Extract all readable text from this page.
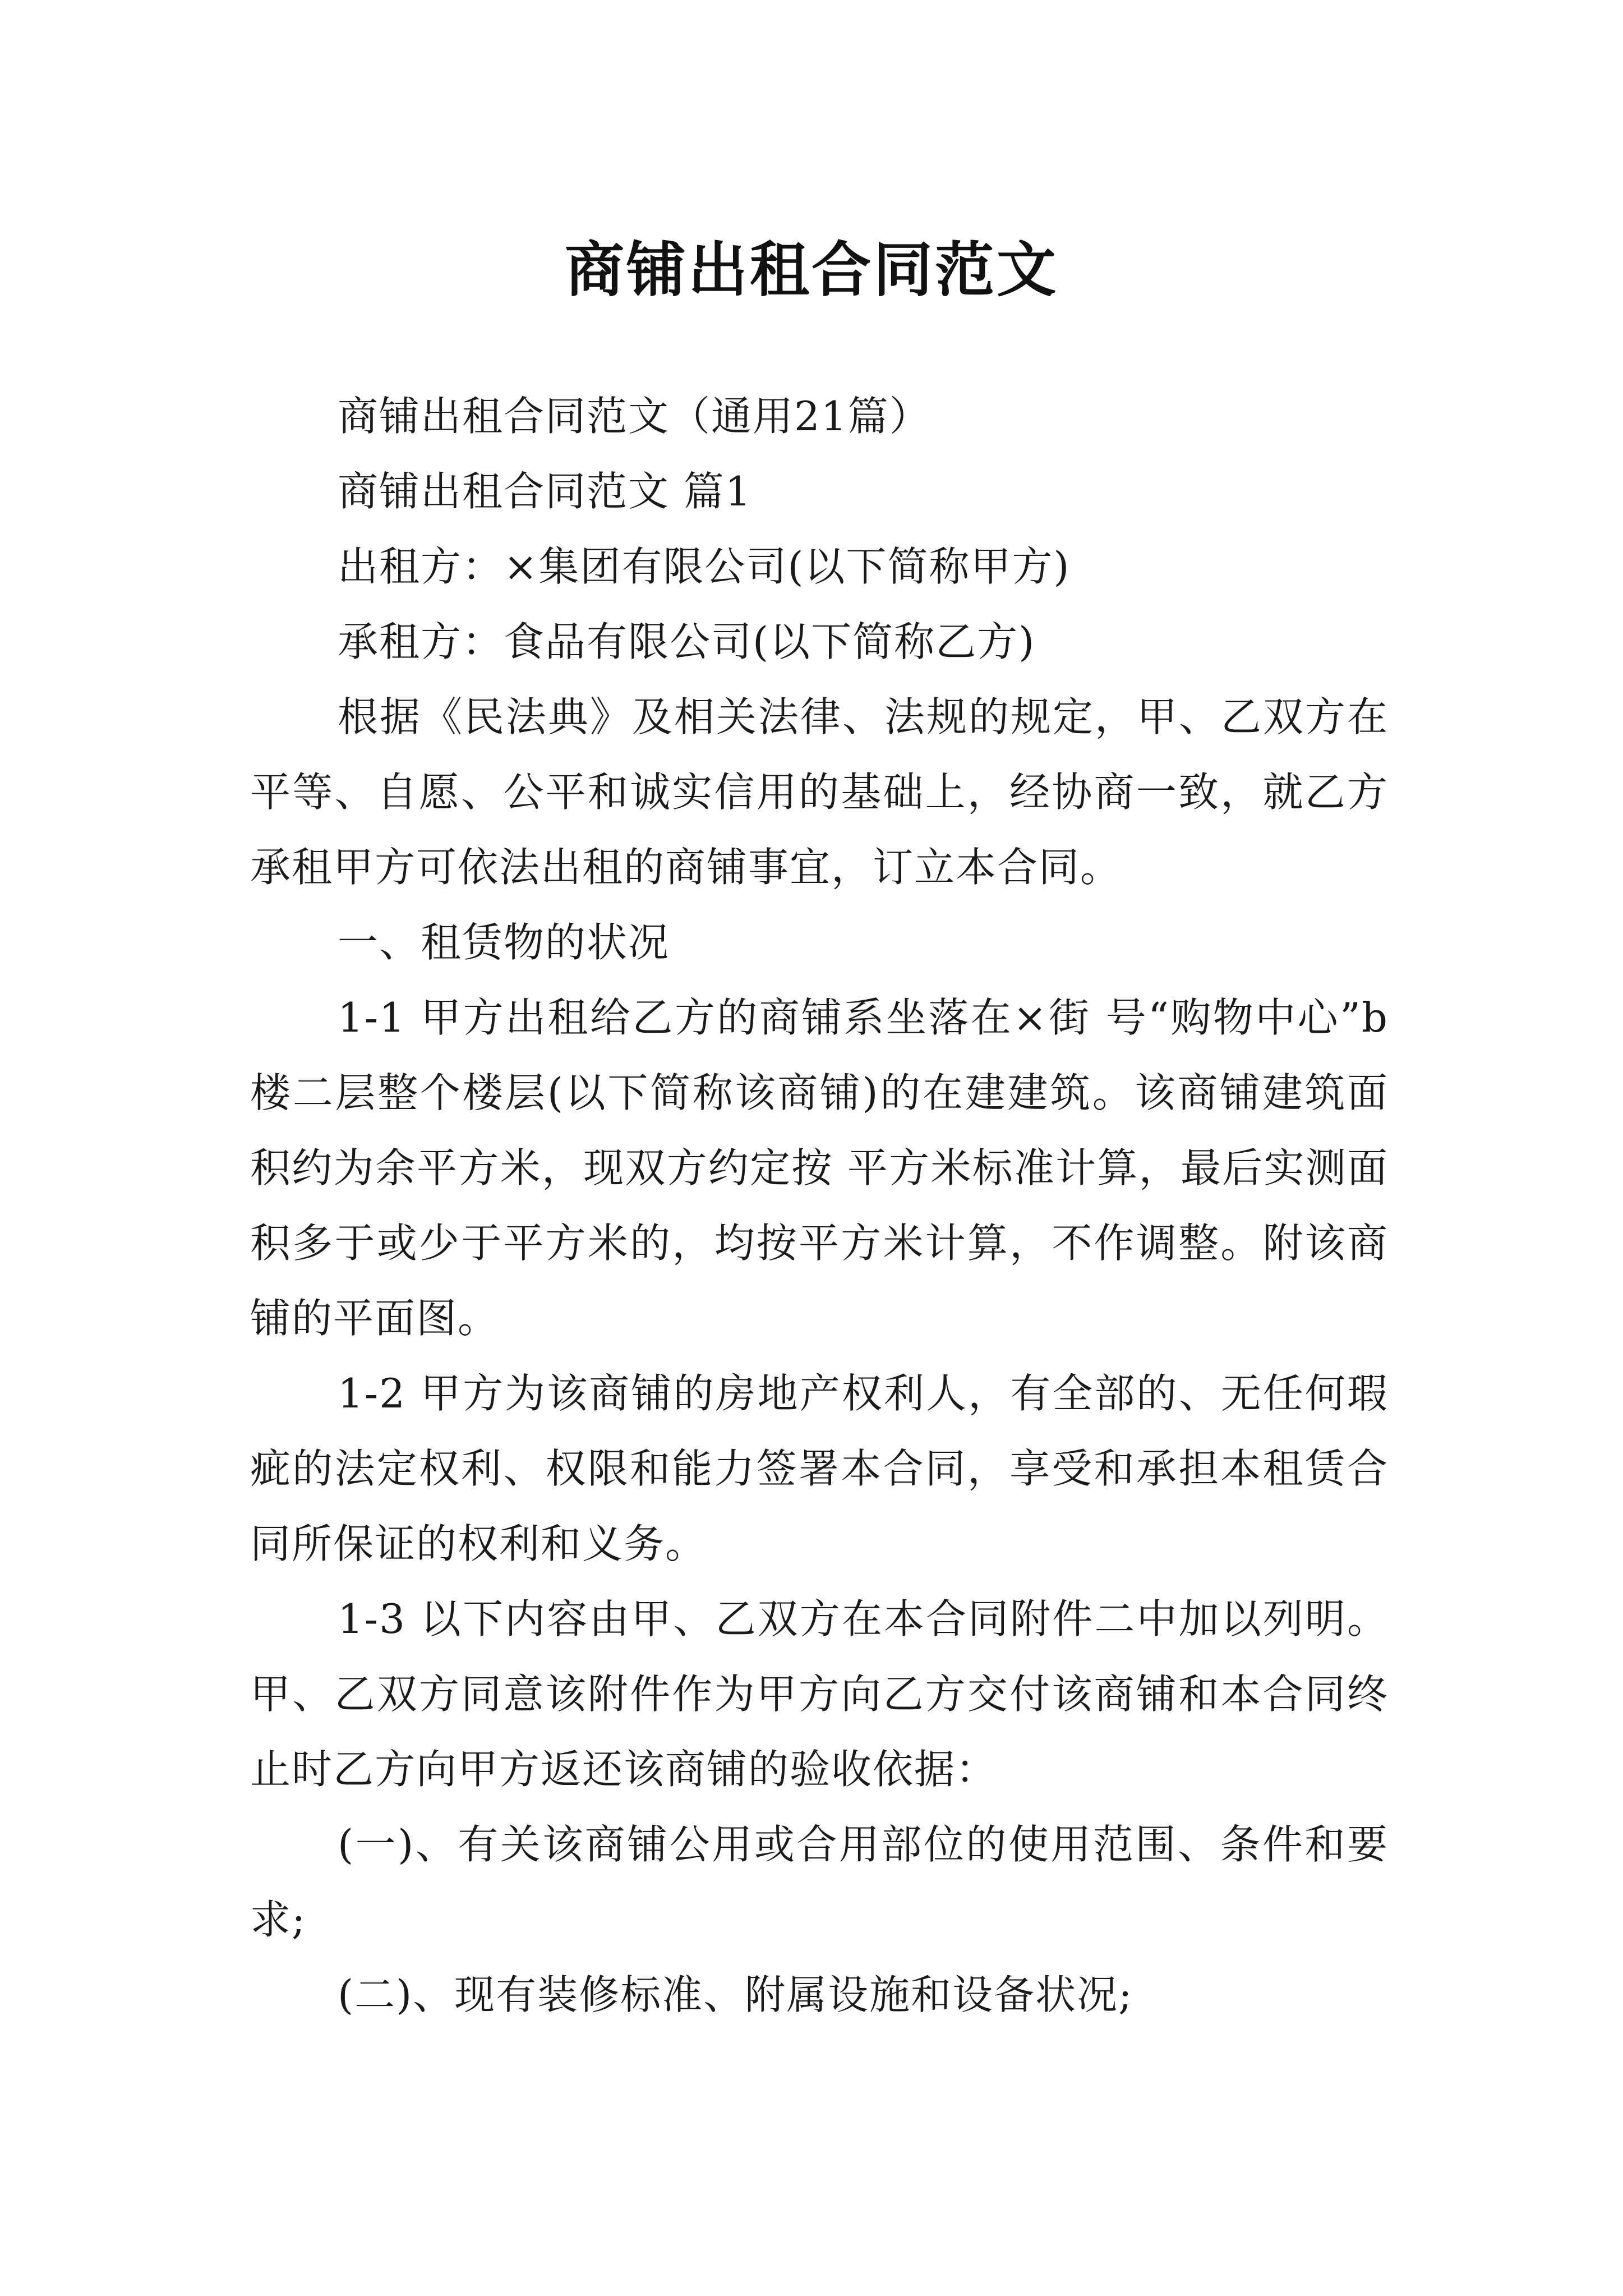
商铺出租合同范文

商铺出租合同范文（通用21篇）

商铺出租合同范文 篇1

出租方：×集团有限公司(以下简称甲方)

承租方：食品有限公司(以下简称乙方)

根据《民法典》及相关法律、法规的规定，甲、乙双方在平等、自愿、公平和诚实信用的基础上，经协商一致，就乙方承租甲方可依法出租的商铺事宜，订立本合同。

一、租赁物的状况

1-1 甲方出租给乙方的商铺系坐落在×街 号“购物中心”b楼二层整个楼层(以下简称该商铺)的在建建筑。该商铺建筑面积约为余平方米，现双方约定按 平方米标准计算，最后实测面积多于或少于平方米的，均按平方米计算，不作调整。附该商铺的平面图。

1-2 甲方为该商铺的房地产权利人，有全部的、无任何瑕疵的法定权利、权限和能力签署本合同，享受和承担本租赁合同所保证的权利和义务。

1-3 以下内容由甲、乙双方在本合同附件二中加以列明。甲、乙双方同意该附件作为甲方向乙方交付该商铺和本合同终止时乙方向甲方返还该商铺的验收依据：

(一)、有关该商铺公用或合用部位的使用范围、条件和要求;

(二)、现有装修标准、附属设施和设备状况;
